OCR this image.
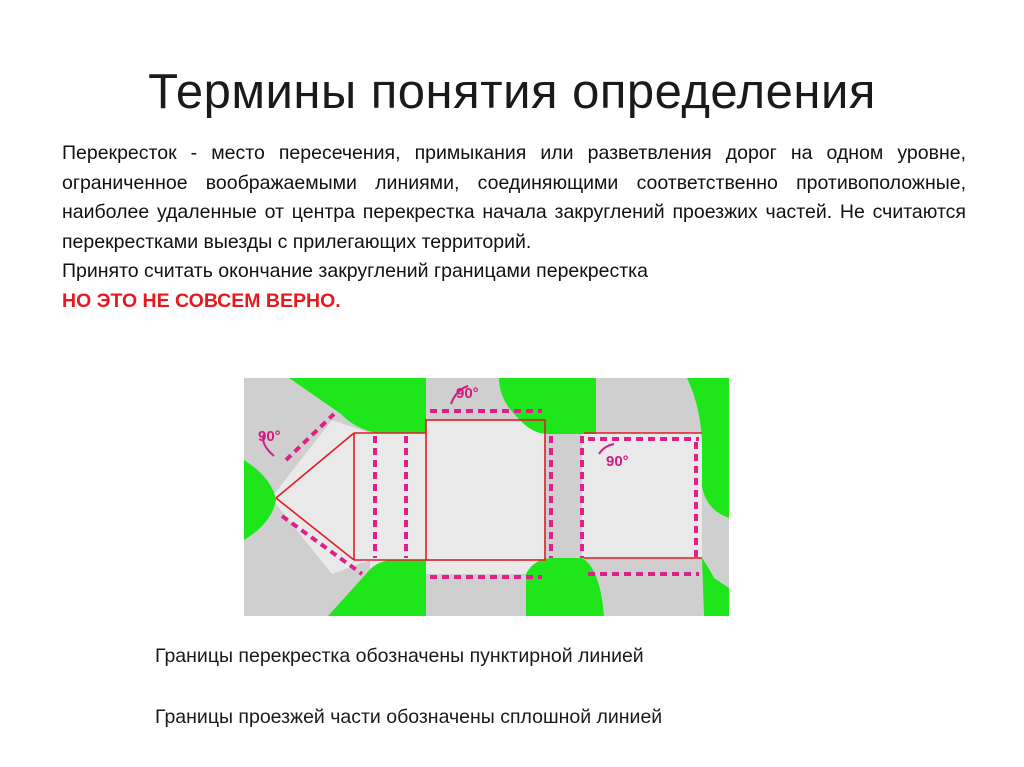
Термины понятия определения

Перекресток - место пересечения, примыкания или разветвления дорог на одном уровне, ограниченное воображаемыми линиями, соединяющими соответственно противоположные, наиболее удаленные от центра перекрестка начала закруглений проезжих частей. Не считаются перекрестками выезды с прилегающих территорий.

Принято считать окончание закруглений границами перекрестка

НО ЭТО НЕ СОВСЕМ ВЕРНО.

90°
90°
90°
Границы перекрестка обозначены пунктирной линией
Границы проезжей части обозначены сплошной линией
